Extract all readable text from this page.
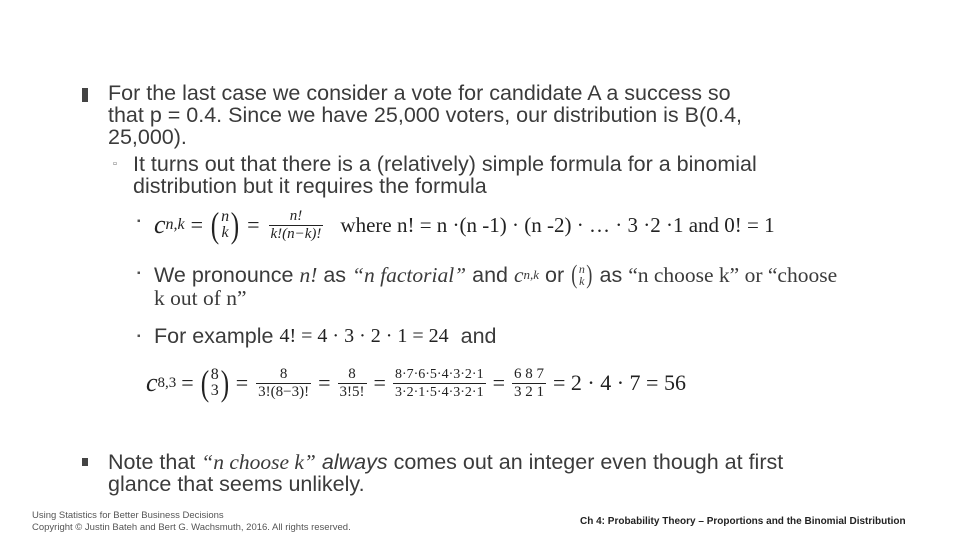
For the last case we consider a vote for candidate A a success so
that p = 0.4. Since we have 25,000 voters, our distribution is B(0.4,
25,000).
▫ It turns out that there is a (relatively) simple formula for a binomial
distribution but it requires the formula
▪ c n,k = ( n
k ) = $\frac{n!}{k!(n-k)!}$ where n! = n ·(n -1) · (n -2) · … · 3 ·2 ·1 and 0! = 1
▪ We pronounce
n!
as
“n factorial”
and
c n,k
or
( n
k )
as
“n choose k” or “choose
k out of n”
▪ For example
4! = 4 · 3 · 2 · 1 = 24
and
c 8,3 = ( 8
3 ) = $\frac{8}{3!(8-3)!} = \frac{8}{3!5!} = \frac{8\cdot 7\cdot 6\cdot 5\cdot 4\cdot 3\cdot 2\cdot 1}{3\cdot 2\cdot 1\cdot 5\cdot 4\cdot 3\cdot 2\cdot 1} = \frac{6 8 7}{3 2 1} = 2 \cdot 4 \cdot 7 = 56$
Note that “n choose k” always comes out an integer even though at first
glance that seems unlikely.
Using Statistics for Better Business Decisions
Copyright © Justin Bateh and Bert G. Wachsmuth, 2016. All rights reserved.
Ch 4: Probability Theory – Proportions and the Binomial Distribution
